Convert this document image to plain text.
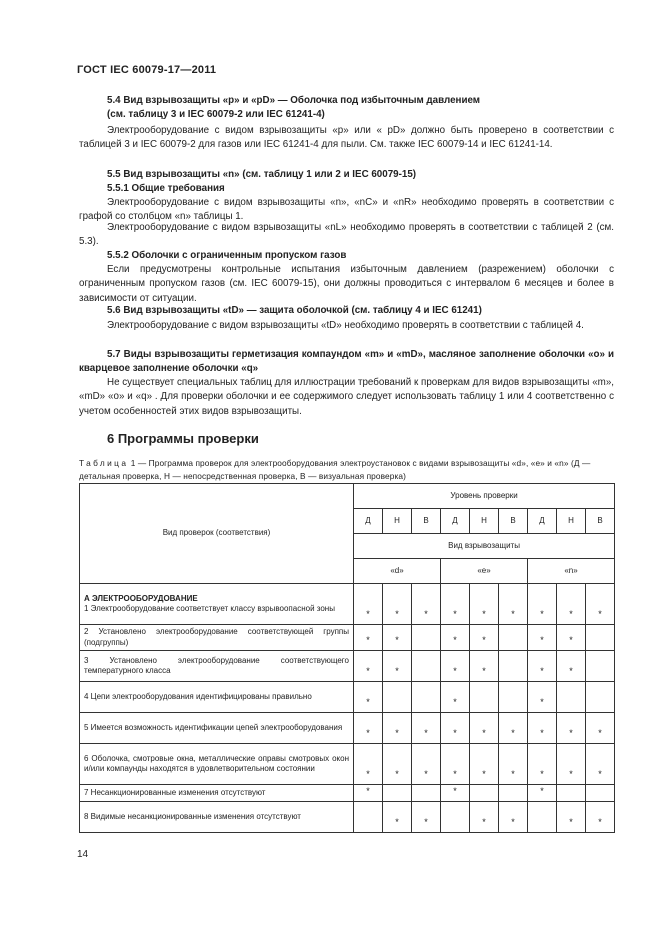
ГОСТ IEC 60079-17—2011
5.4 Вид взрывозащиты «р» и «pD» — Оболочка под избыточным давлением
(см. таблицу 3 и IEC 60079-2 или IEC 61241-4)
Электрооборудование с видом взрывозащиты «р» или « pD» должно быть проверено в соответствии с таблицей 3 и IEC 60079-2 для газов или IEC 61241-4 для пыли. См. также IEC 60079-14 и IEC 61241-14.
5.5 Вид взрывозащиты «n» (см. таблицу 1 или 2 и IEC 60079-15)
5.5.1 Общие требования
Электрооборудование с видом взрывозащиты «n», «nC» и «nR» необходимо проверять в соответствии с графой со столбцом «n» таблицы 1.
Электрооборудование с видом взрывозащиты «nL» необходимо проверять в соответствии с таблицей 2 (см. 5.3).
5.5.2 Оболочки с ограниченным пропуском газов
Если предусмотрены контрольные испытания избыточным давлением (разрежением) оболочки с ограниченным пропуском газов (см. IEC 60079-15), они должны проводиться с интервалом 6 месяцев и более в зависимости от ситуации.
5.6 Вид взрывозащиты «tD» — защита оболочкой (см. таблицу 4 и IEC 61241)
Электрооборудование с видом взрывозащиты «tD» необходимо проверять в соответствии с таблицей 4.
5.7 Виды взрывозащиты герметизация компаундом «m» и «mD», масляное заполнение оболочки «о» и кварцевое заполнение оболочки «q»
Не существует специальных таблиц для иллюстрации требований к проверкам для видов взрывозащиты «m», «mD» «о» и «q» . Для проверки оболочки и ее содержимого следует использовать таблицу 1 или 4 соответственно с учетом особенностей этих видов взрывозащиты.
6 Программы проверки
Таблица 1 — Программа проверок для электрооборудования электроустановок с видами взрывозащиты «d», «е» и «n» (Д — детальная проверка, Н — непосредственная проверка, В — визуальная проверка)
Вид проверок (соответствия)	Уровень проверки								
	Д	Н	В	Д	Н	В	Д	Н	В
	Вид взрывозащиты								
	«d»			«е»			«n»		

А ЭЛЕКТРООБОРУДОВАНИЕ
1 Электрооборудование соответствует классу взрывоопасной зоны	*	*	*	*	*	*	*	*	*

2 Установлено электрооборудование соответствующей группы (подгруппы)	*	*		*	*		*	*	

3 Установлено электрооборудование соответствующего температурного класса	*	*		*	*		*	*	

4 Цепи электрооборудования идентифицированы правильно	*			*			*		

5 Имеется возможность идентификации цепей электрооборудования	*	*	*	*	*	*	*	*	*

6 Оболочка, смотровые окна, металлические оправы смотровых окон и/или компаунды находятся в удовлетворительном состоянии	*	*	*	*	*	*	*	*	*

7 Несанкционированные изменения отсутствуют	*			*			*		

8 Видимые несанкционированные изменения отсутствуют		*	*		*	*		*	*
14
